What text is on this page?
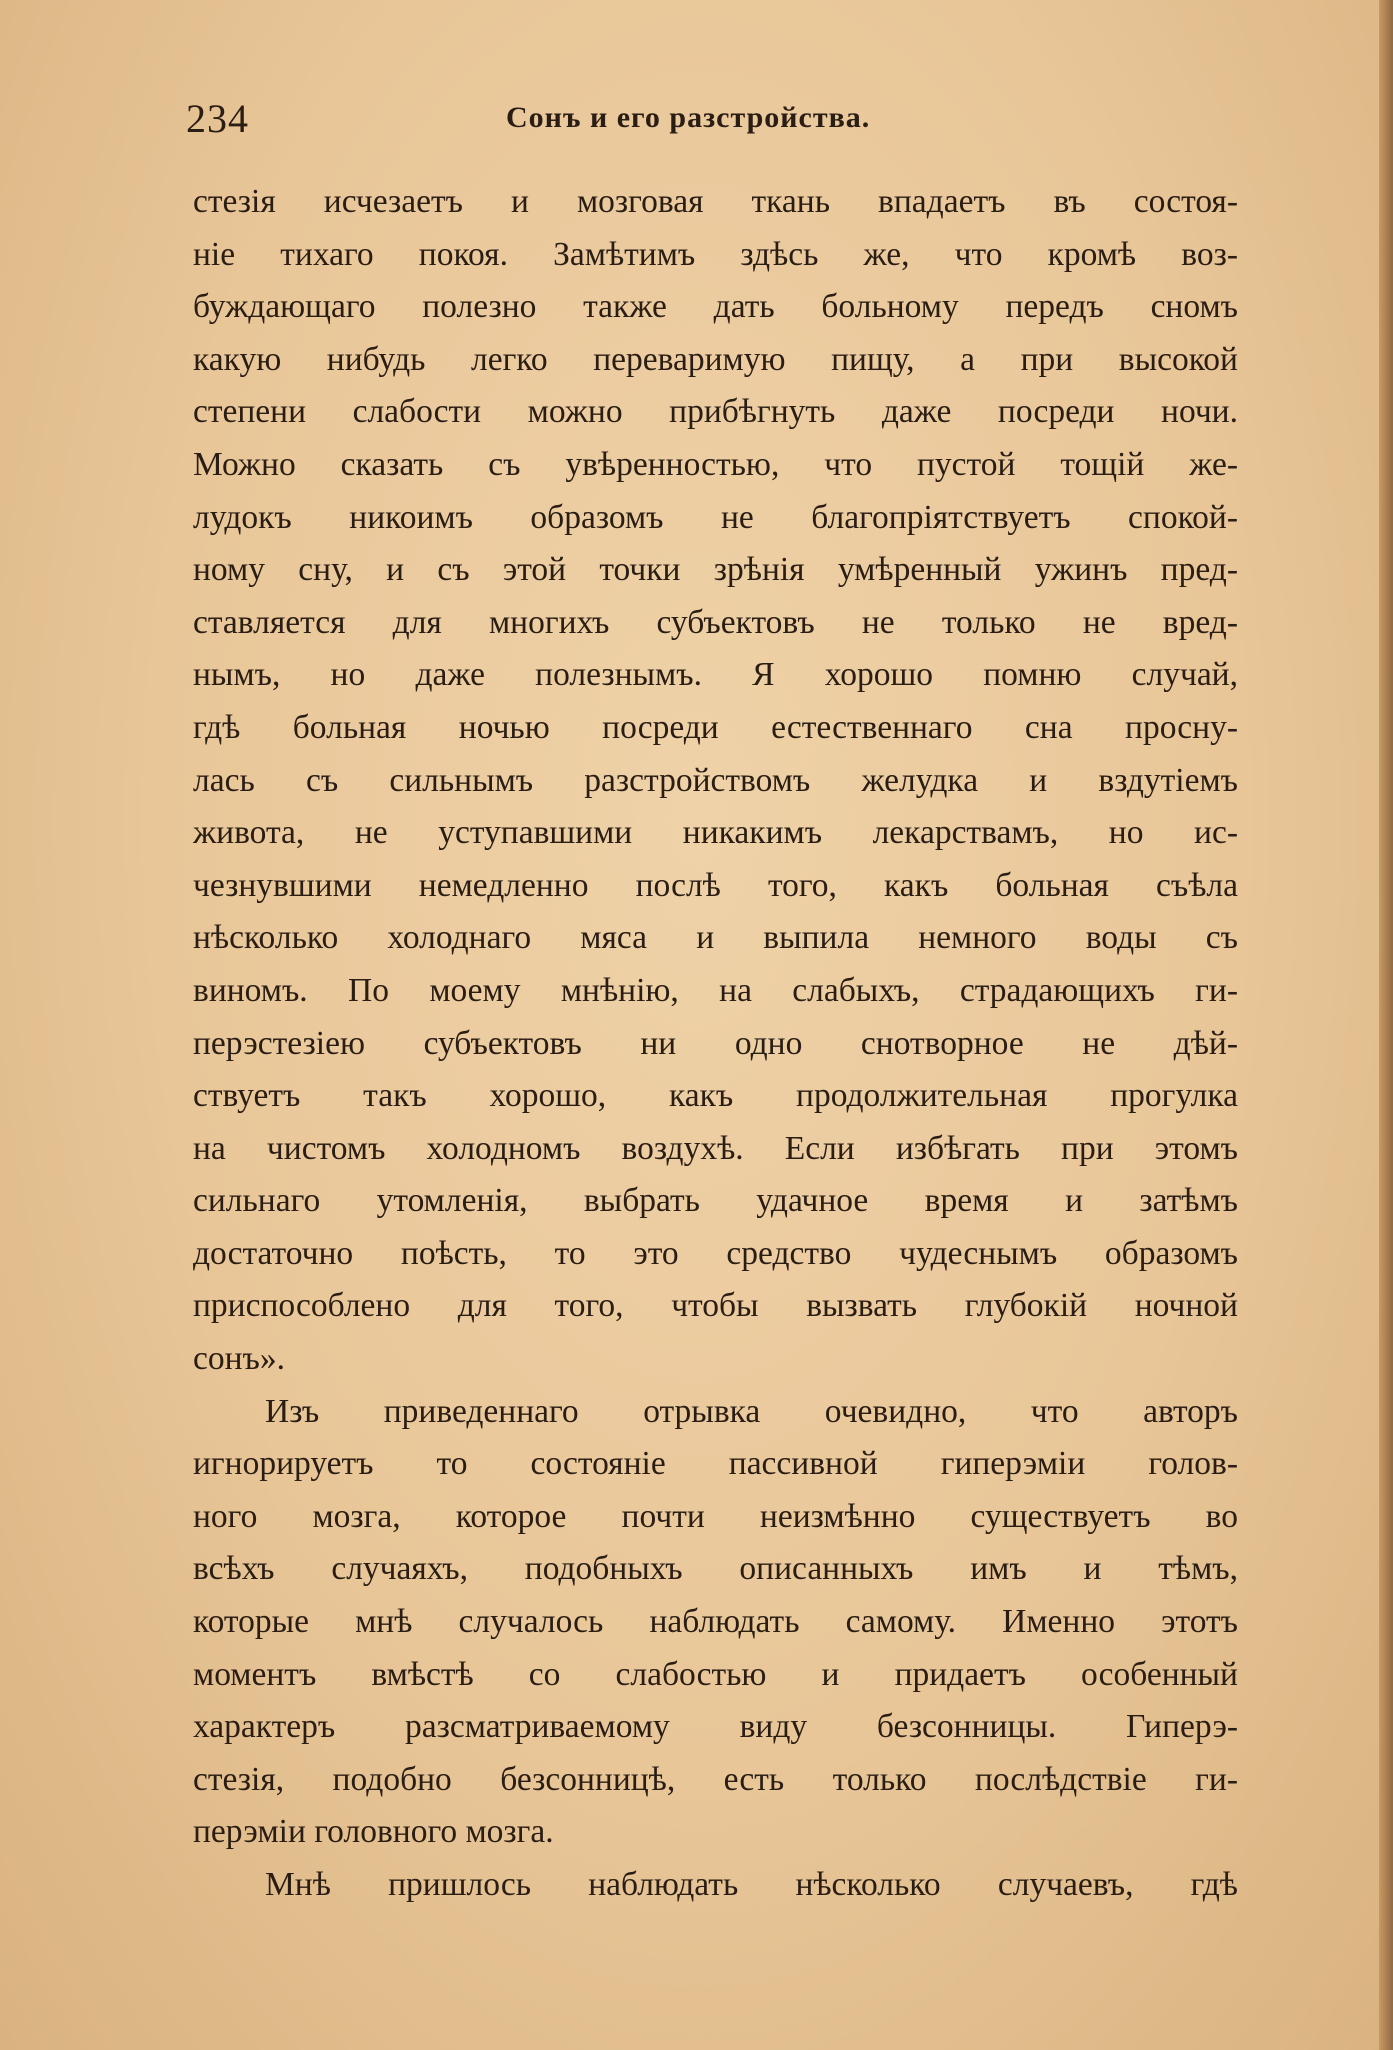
234	Сонъ и его разстройства.
стезія исчезаетъ и мозговая ткань впадаетъ въ состоя-
ніе тихаго покоя. Замѣтимъ здѣсь же, что кромѣ воз-
буждающаго полезно также дать больному передъ сномъ
какую нибудь легко переваримую пищу, а при высокой
степени слабости можно прибѣгнуть даже посреди ночи.
Можно сказать съ увѣренностью, что пустой тощій же-
лудокъ никоимъ образомъ не благопріятствуетъ спокой-
ному сну, и съ этой точки зрѣнія умѣренный ужинъ пред-
ставляется для многихъ субъектовъ не только не вред-
нымъ, но даже полезнымъ. Я хорошо помню случай,
гдѣ больная ночью посреди естественнаго сна просну-
лась съ сильнымъ разстройствомъ желудка и вздутіемъ
живота, не уступавшими никакимъ лекарствамъ, но ис-
чезнувшими немедленно послѣ того, какъ больная съѣла
нѣсколько холоднаго мяса и выпила немного воды съ
виномъ. По моему мнѣнію, на слабыхъ, страдающихъ ги-
перэстезіею субъектовъ ни одно снотворное не дѣй-
ствуетъ такъ хорошо, какъ продолжительная прогулка
на чистомъ холодномъ воздухѣ. Если избѣгать при этомъ
сильнаго утомленія, выбрать удачное время и затѣмъ
достаточно поѣсть, то это средство чудеснымъ образомъ
приспособлено для того, чтобы вызвать глубокій ночной
сонъ».
Изъ приведеннаго отрывка очевидно, что авторъ
игнорируетъ то состояніе пассивной гиперэміи голов-
ного мозга, которое почти неизмѣнно существуетъ во
всѣхъ случаяхъ, подобныхъ описанныхъ имъ и тѣмъ,
которые мнѣ случалось наблюдать самому. Именно этотъ
моментъ вмѣстѣ со слабостью и придаетъ особенный
характеръ разсматриваемому виду безсонницы. Гиперэ-
стезія, подобно безсонницѣ, есть только послѣдствіе ги-
перэміи головного мозга.
Мнѣ пришлось наблюдать нѣсколько случаевъ, гдѣ
